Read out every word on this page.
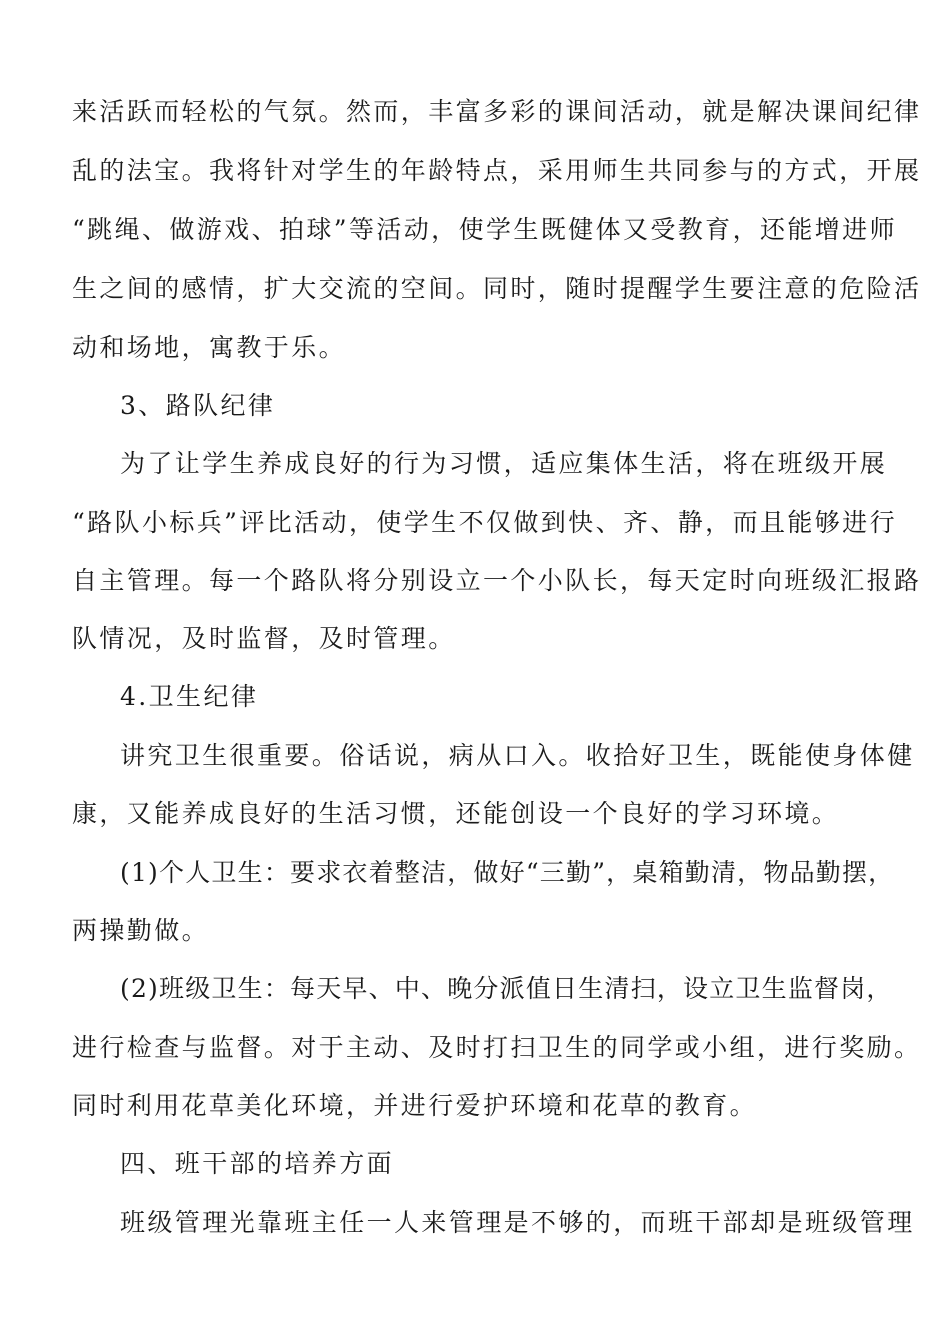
来活跃而轻松的气氛。然而，丰富多彩的课间活动，就是解决课间纪律
乱的法宝。我将针对学生的年龄特点，采用师生共同参与的方式，开展
“跳绳、做游戏、拍球”等活动，使学生既健体又受教育，还能增进师
生之间的感情，扩大交流的空间。同时，随时提醒学生要注意的危险活
动和场地，寓教于乐。
3、路队纪律
为了让学生养成良好的行为习惯，适应集体生活，将在班级开展
“路队小标兵”评比活动，使学生不仅做到快、齐、静，而且能够进行
自主管理。每一个路队将分别设立一个小队长，每天定时向班级汇报路
队情况，及时监督，及时管理。
4.卫生纪律
讲究卫生很重要。俗话说，病从口入。收拾好卫生，既能使身体健
康，又能养成良好的生活习惯，还能创设一个良好的学习环境。
(1)个人卫生：要求衣着整洁，做好“三勤”，桌箱勤清，物品勤摆，
两操勤做。
(2)班级卫生：每天早、中、晚分派值日生清扫，设立卫生监督岗，
进行检查与监督。对于主动、及时打扫卫生的同学或小组，进行奖励。
同时利用花草美化环境，并进行爱护环境和花草的教育。
四、班干部的培养方面
班级管理光靠班主任一人来管理是不够的，而班干部却是班级管理
